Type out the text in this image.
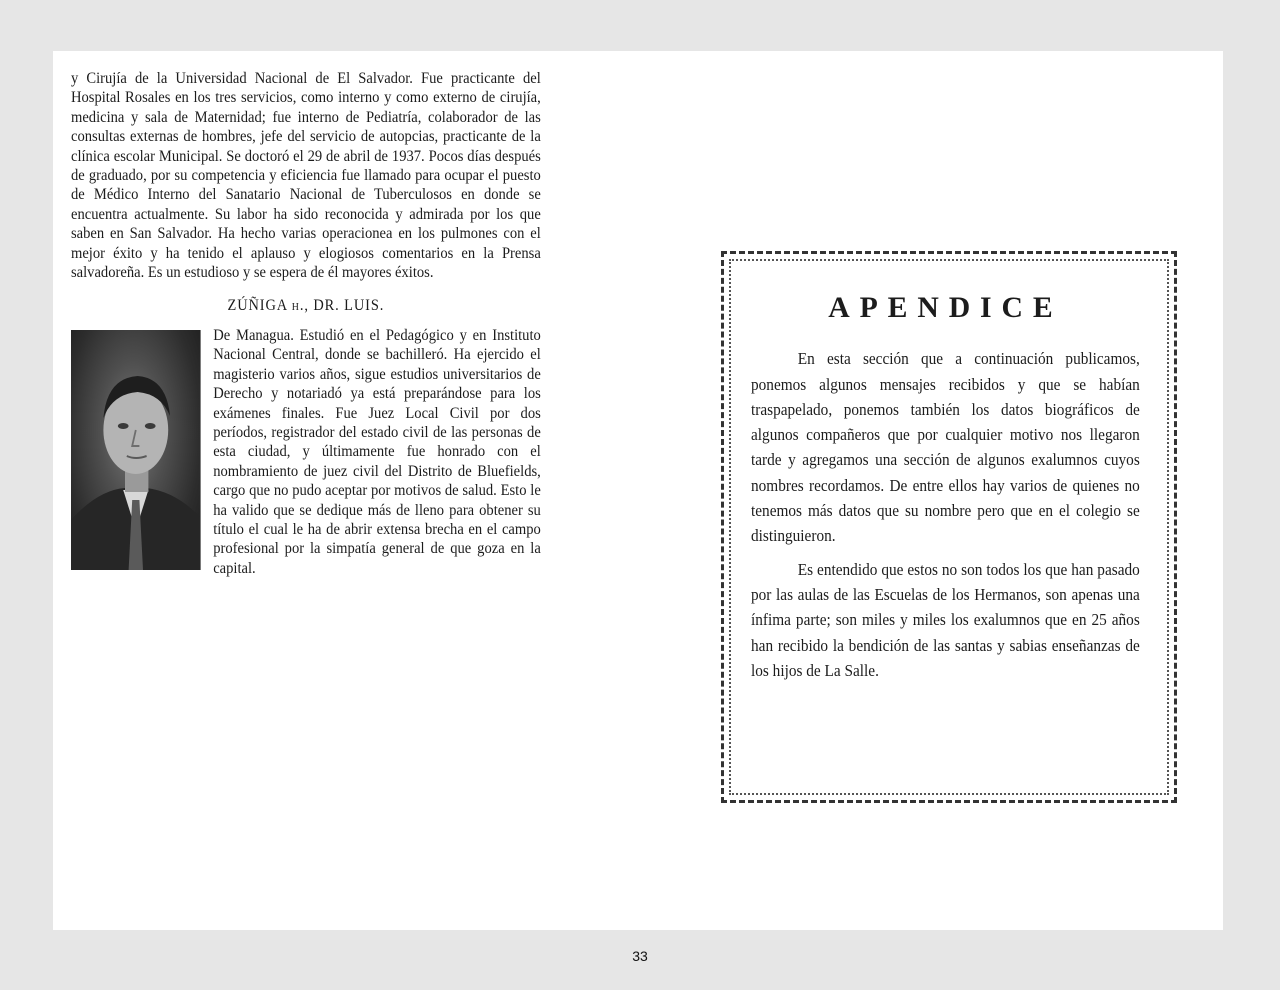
y Cirujía de la Universidad Nacional de El Salvador. Fue practicante del Hospital Rosales en los tres servicios, como interno y como externo de cirujía, medicina y sala de Maternidad; fue interno de Pediatría, colaborador de las consultas externas de hombres, jefe del servicio de autopcias, practicante de la clínica escolar Municipal. Se doctoró el 29 de abril de 1937. Pocos días después de graduado, por su competencia y eficiencia fue llamado para ocupar el puesto de Médico Interno del Sanatario Nacional de Tuberculosos en donde se encuentra actualmente. Su labor ha sido reconocida y admirada por los que saben en San Salvador. Ha hecho varias operacionea en los pulmones con el mejor éxito y ha tenido el aplauso y elogiosos comentarios en la Prensa salvadoreña. Es un estudioso y se espera de él mayores éxitos.

ZÚÑIGA h., DR. LUIS.
De Managua. Estudió en el Pedagógico y en Instituto Nacional Central, donde se bachilleró. Ha ejercido el magisterio varios años, sigue estudios universitarios de Derecho y notariadó ya está preparándose para los exámenes finales. Fue Juez Local Civil por dos períodos, registrador del estado civil de las personas de esta ciudad, y últimamente fue honrado con el nombramiento de juez civil del Distrito de Bluefields, cargo que no pudo aceptar por motivos de salud. Esto le ha valido que se dedique más de lleno para obtener su título el cual le ha de abrir extensa brecha en el campo profesional por la simpatía general de que goza en la capital.
APENDICE

En esta sección que a continuación publicamos, ponemos algunos mensajes recibidos y que se habían traspapelado, ponemos también los datos biográficos de algunos compañeros que por cualquier motivo nos llegaron tarde y agregamos una sección de algunos exalumnos cuyos nombres recordamos. De entre ellos hay varios de quienes no tenemos más datos que su nombre pero que en el colegio se distinguieron.

Es entendido que estos no son todos los que han pasado por las aulas de las Escuelas de los Hermanos, son apenas una ínfima parte; son miles y miles los exalumnos que en 25 años han recibido la bendición de las santas y sabias enseñanzas de los hijos de La Salle.

33
